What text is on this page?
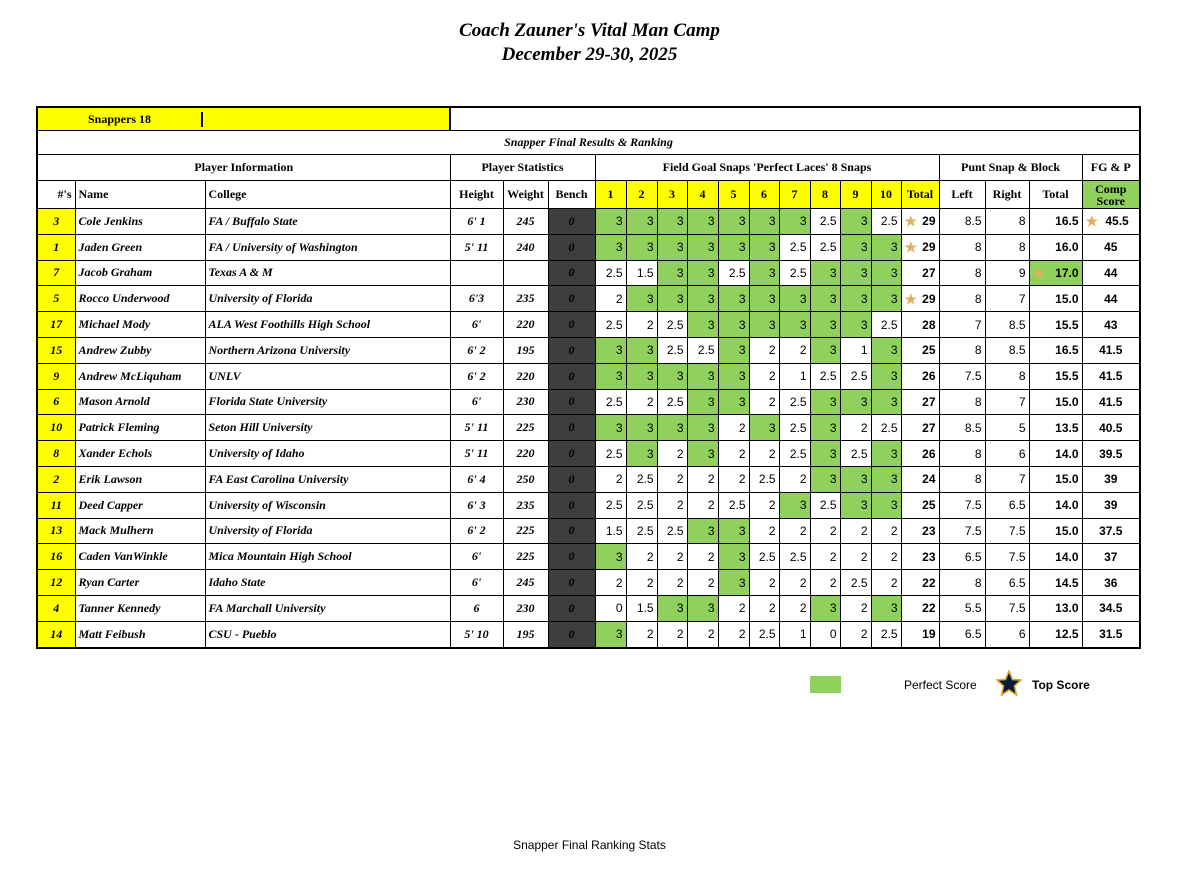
Coach Zauner's Vital Man Camp
December 29-30, 2025
Snappers 18																				

Snapper Final Results & Ranking																				
Player Information			Player Statistics			Field Goal Snaps 'Perfect Laces' 8 Snaps											Punt Snap & Block			FG & P
#'s	Name	College	Height	Weight	Bench	1	2	3	4	5	6	7	8	9	10	Total	Left	Right	Total	Comp
Score
3	Cole Jenkins	FA / Buffalo State	6' 1	245	0	3	3	3	3	3	3	3	2.5	3	2.5	★ 29	8.5	8	16.5	★ 45.5
1	Jaden Green	FA / University of Washington	5' 11	240	0	3	3	3	3	3	3	2.5	2.5	3	3	★ 29	8	8	16.0	45
7	Jacob Graham	Texas A & M			0	2.5	1.5	3	3	2.5	3	2.5	3	3	3	27	8	9	★ 17.0	44
5	Rocco Underwood	University of Florida	6'3	235	0	2	3	3	3	3	3	3	3	3	3	★ 29	8	7	15.0	44
17	Michael Mody	ALA West Foothills High School	6'	220	0	2.5	2	2.5	3	3	3	3	3	3	2.5	28	7	8.5	15.5	43
15	Andrew Zubby	Northern Arizona University	6' 2	195	0	3	3	2.5	2.5	3	2	2	3	1	3	25	8	8.5	16.5	41.5
9	Andrew McLiquham	UNLV	6' 2	220	0	3	3	3	3	3	2	1	2.5	2.5	3	26	7.5	8	15.5	41.5
6	Mason Arnold	Florida State University	6'	230	0	2.5	2	2.5	3	3	2	2.5	3	3	3	27	8	7	15.0	41.5
10	Patrick Fleming	Seton Hill University	5' 11	225	0	3	3	3	3	2	3	2.5	3	2	2.5	27	8.5	5	13.5	40.5
8	Xander Echols	University of Idaho	5' 11	220	0	2.5	3	2	3	2	2	2.5	3	2.5	3	26	8	6	14.0	39.5
2	Erik Lawson	FA East Carolina University	6' 4	250	0	2	2.5	2	2	2	2.5	2	3	3	3	24	8	7	15.0	39
11	Deed Capper	University of Wisconsin	6' 3	235	0	2.5	2.5	2	2	2.5	2	3	2.5	3	3	25	7.5	6.5	14.0	39
13	Mack Mulhern	University of Florida	6' 2	225	0	1.5	2.5	2.5	3	3	2	2	2	2	2	23	7.5	7.5	15.0	37.5
16	Caden VanWinkle	Mica Mountain High School	6'	225	0	3	2	2	2	3	2.5	2.5	2	2	2	23	6.5	7.5	14.0	37
12	Ryan Carter	Idaho State	6'	245	0	2	2	2	2	3	2	2	2	2.5	2	22	8	6.5	14.5	36
4	Tanner Kennedy	FA Marchall University	6	230	0	0	1.5	3	3	2	2	2	3	2	3	22	5.5	7.5	13.0	34.5
14	Matt Feibush	CSU - Pueblo	5' 10	195	0	3	2	2	2	2	2.5	1	0	2	2.5	19	6.5	6	12.5	31.5
Perfect Score	Top Score
Snapper Final Ranking Stats
